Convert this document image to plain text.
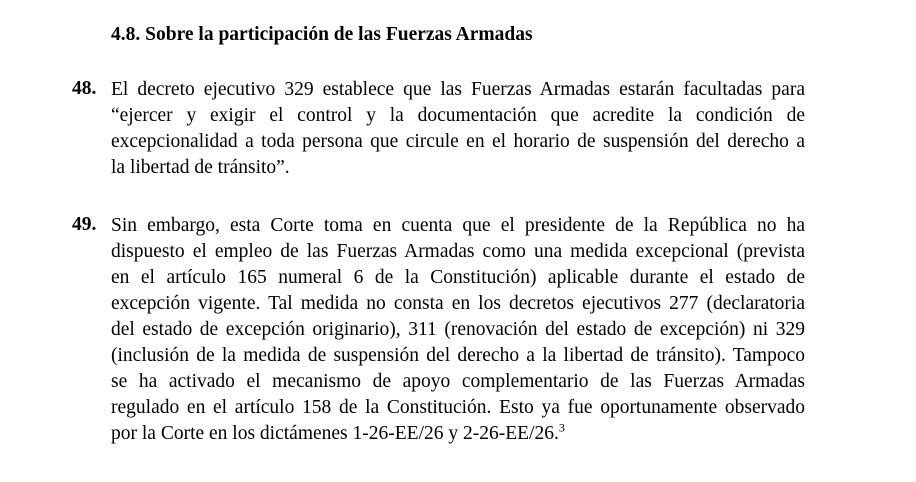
4.8. Sobre la participación de las Fuerzas Armadas
48. El decreto ejecutivo 329 establece que las Fuerzas Armadas estarán facultadas para
“ejercer y exigir el control y la documentación que acredite la condición de
excepcionalidad a toda persona que circule en el horario de suspensión del derecho a
la libertad de tránsito”.
49. Sin embargo, esta Corte toma en cuenta que el presidente de la República no ha
dispuesto el empleo de las Fuerzas Armadas como una medida excepcional (prevista
en el artículo 165 numeral 6 de la Constitución) aplicable durante el estado de
excepción vigente. Tal medida no consta en los decretos ejecutivos 277 (declaratoria
del estado de excepción originario), 311 (renovación del estado de excepción) ni 329
(inclusión de la medida de suspensión del derecho a la libertad de tránsito). Tampoco
se ha activado el mecanismo de apoyo complementario de las Fuerzas Armadas
regulado en el artículo 158 de la Constitución. Esto ya fue oportunamente observado
por la Corte en los dictámenes 1-26-EE/26 y 2-26-EE/26.$^3$
